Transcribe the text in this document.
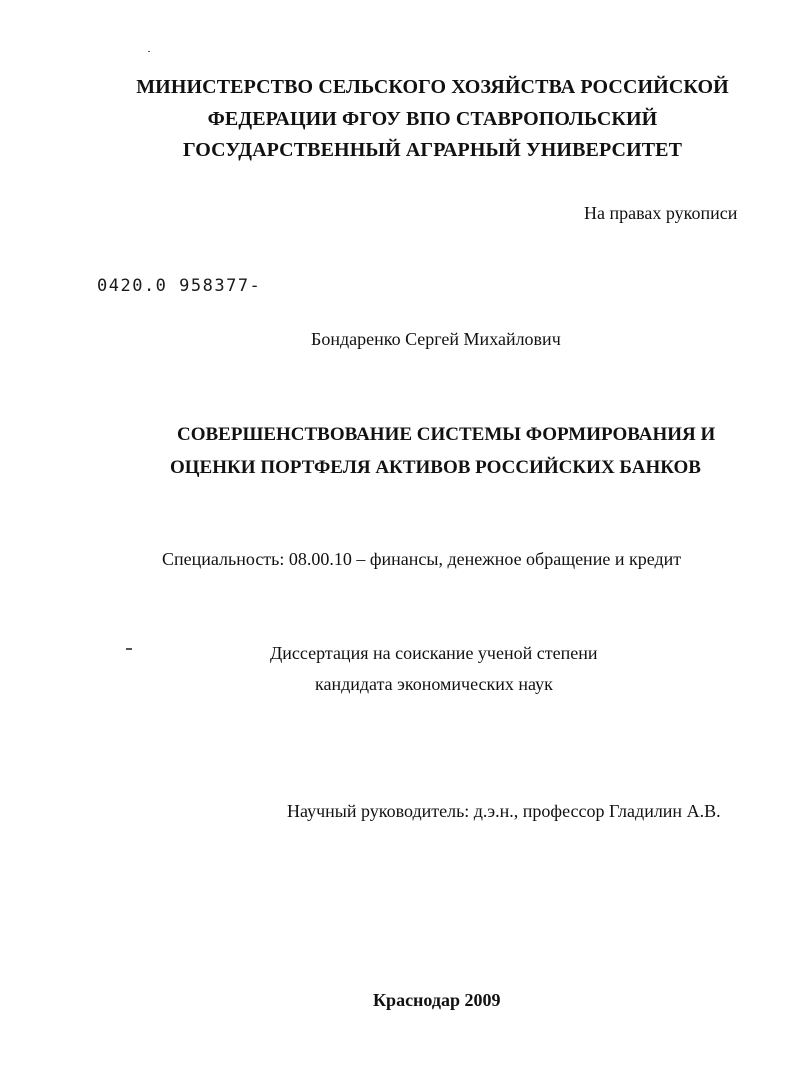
МИНИСТЕРСТВО СЕЛЬСКОГО ХОЗЯЙСТВА РОССИЙСКОЙ
ФЕДЕРАЦИИ ФГОУ ВПО СТАВРОПОЛЬСКИЙ
ГОСУДАРСТВЕННЫЙ АГРАРНЫЙ УНИВЕРСИТЕТ
На правах рукописи
0420.0 958377-
Бондаренко Сергей Михайлович
СОВЕРШЕНСТВОВАНИЕ СИСТЕМЫ ФОРМИРОВАНИЯ И
ОЦЕНКИ ПОРТФЕЛЯ АКТИВОВ РОССИЙСКИХ БАНКОВ
Специальность: 08.00.10 – финансы, денежное обращение и кредит
Диссертация на соискание ученой степени
кандидата экономических наук
Научный руководитель: д.э.н., профессор Гладилин А.В.
Краснодар 2009
